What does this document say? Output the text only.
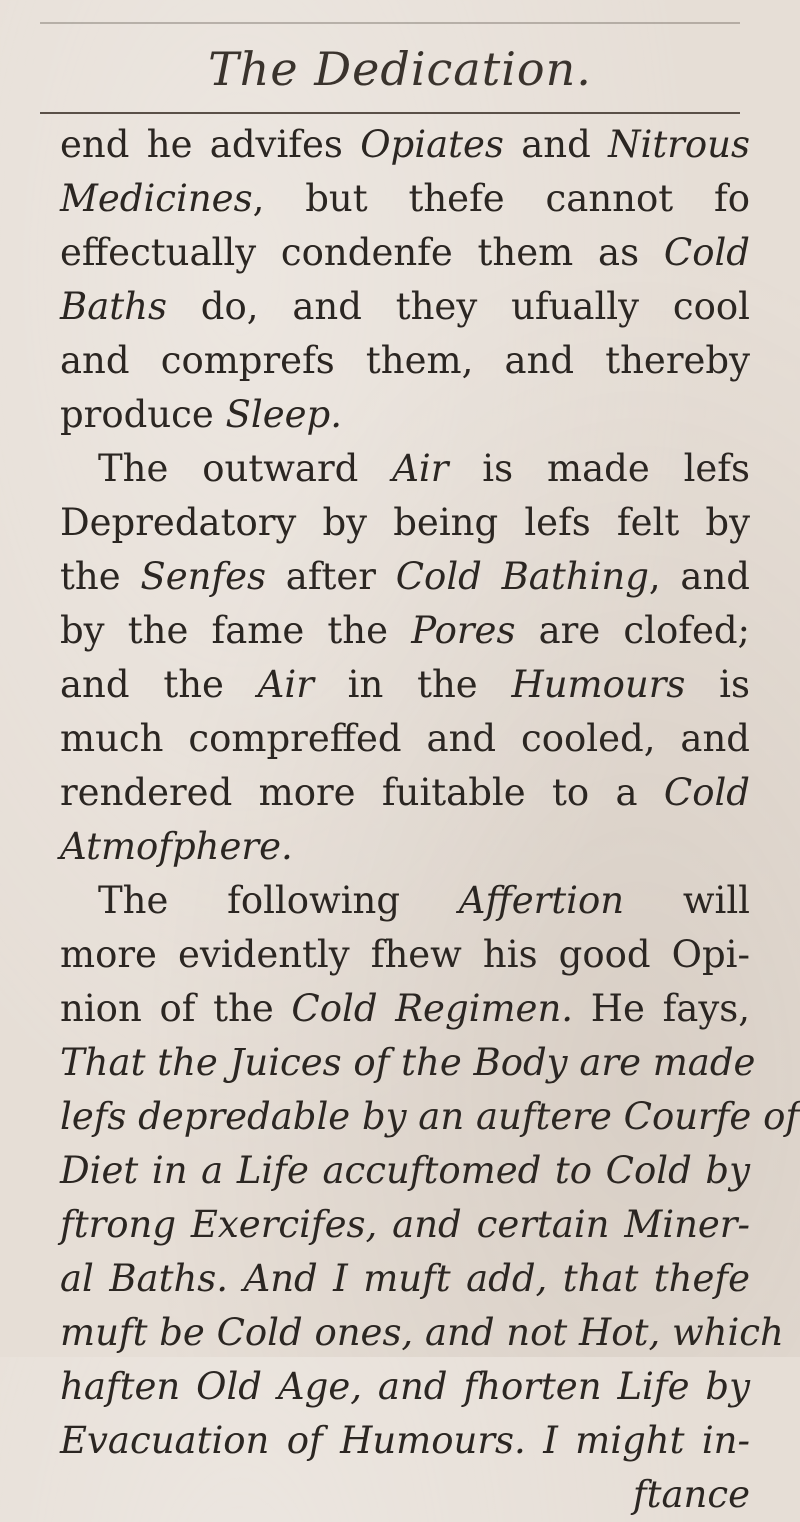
The Dedication.
end he advifes Opiates and Nitrous
Medicines, but thefe cannot fo
effectually condenfe them as Cold
Baths do, and they ufually cool
and comprefs them, and thereby
produce Sleep.
The outward Air is made lefs
Depredatory by being lefs felt by
the Senfes after Cold Bathing, and
by the fame the Pores are clofed;
and the Air in the Humours is
much compreffed and cooled, and
rendered more fuitable to a Cold
Atmofphere.
The following Affertion will
more evidently fhew his good Opi-
nion of the Cold Regimen. He fays,
That the Juices of the Body are made
lefs depredable by an auftere Courfe of
Diet in a Life accuftomed to Cold by
ftrong Exercifes, and certain Miner-
al Baths. And I muft add, that thefe
muft be Cold ones, and not Hot, which
haften Old Age, and fhorten Life by
Evacuation of Humours. I might in-
ftance
